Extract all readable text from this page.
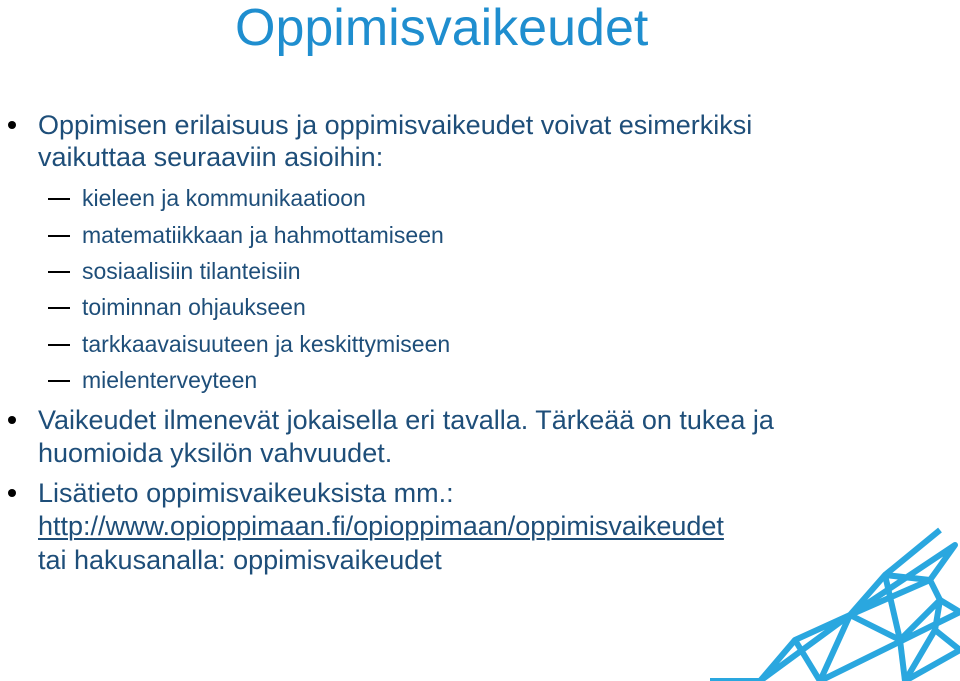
Oppimisvaikeudet
Oppimisen erilaisuus ja oppimisvaikeudet voivat esimerkiksi
vaikuttaa seuraaviin asioihin:
kieleen ja kommunikaatioon
matematiikkaan ja hahmottamiseen
sosiaalisiin tilanteisiin
toiminnan ohjaukseen
tarkkaavaisuuteen ja keskittymiseen
mielenterveyteen
Vaikeudet ilmenevät jokaisella eri tavalla. Tärkeää on tukea ja
huomioida yksilön vahvuudet.
Lisätieto oppimisvaikeuksista mm.:
http://www.opioppimaan.fi/opioppimaan/oppimisvaikeudet
tai hakusanalla: oppimisvaikeudet
